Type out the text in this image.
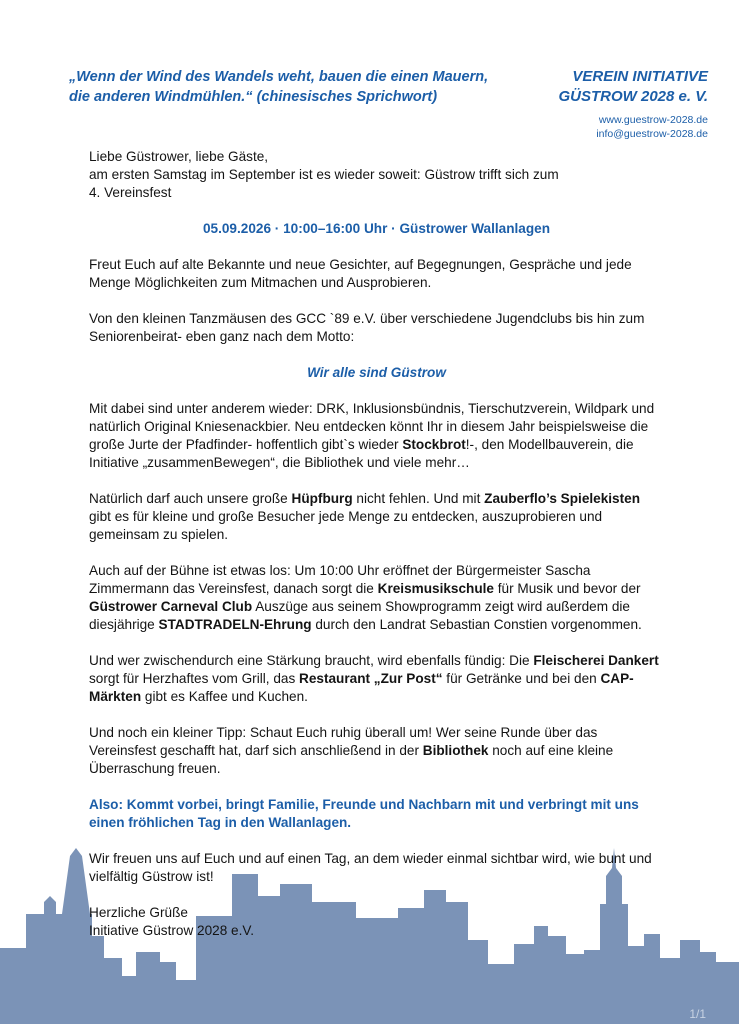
„Wenn der Wind des Wandels weht, bauen die einen Mauern,
die anderen Windmühlen.“ (chinesisches Sprichwort)
VEREIN INITIATIVE
GÜSTROW 2028 e. V.
www.guestrow-2028.de
info@guestrow-2028.de

Liebe Güstrower, liebe Gäste,
am ersten Samstag im September ist es wieder soweit: Güstrow trifft sich zum
4. Vereinsfest

05.09.2026 · 10:00–16:00 Uhr · Güstrower Wallanlagen

Freut Euch auf alte Bekannte und neue Gesichter, auf Begegnungen, Gespräche und jede Menge Möglichkeiten zum Mitmachen und Ausprobieren.

Von den kleinen Tanzmäusen des GCC `89 e.V. über verschiedene Jugendclubs bis hin zum Seniorenbeirat- eben ganz nach dem Motto:

Wir alle sind Güstrow

Mit dabei sind unter anderem wieder: DRK, Inklusionsbündnis, Tierschutzverein, Wildpark und natürlich Original Kniesenackbier. Neu entdecken könnt Ihr in diesem Jahr beispielsweise die große Jurte der Pfadfinder- hoffentlich gibt`s wieder Stockbrot!-, den Modellbauverein, die Initiative „zusammenBewegen“, die Bibliothek und viele mehr…

Natürlich darf auch unsere große Hüpfburg nicht fehlen. Und mit Zauberflo’s Spielekisten gibt es für kleine und große Besucher jede Menge zu entdecken, auszuprobieren und gemeinsam zu spielen.

Auch auf der Bühne ist etwas los: Um 10:00 Uhr eröffnet der Bürgermeister Sascha Zimmermann das Vereinsfest, danach sorgt die Kreismusikschule für Musik und bevor der Güstrower Carneval Club Auszüge aus seinem Showprogramm zeigt wird außerdem die diesjährige STADTRADELN-Ehrung durch den Landrat Sebastian Constien vorgenommen.

Und wer zwischendurch eine Stärkung braucht, wird ebenfalls fündig: Die Fleischerei Dankert sorgt für Herzhaftes vom Grill, das Restaurant „Zur Post“ für Getränke und bei den CAP-Märkten gibt es Kaffee und Kuchen.

Und noch ein kleiner Tipp: Schaut Euch ruhig überall um! Wer seine Runde über das Vereinsfest geschafft hat, darf sich anschließend in der Bibliothek noch auf eine kleine Überraschung freuen.

Also: Kommt vorbei, bringt Familie, Freunde und Nachbarn mit und verbringt mit uns einen fröhlichen Tag in den Wallanlagen.

Wir freuen uns auf Euch und auf einen Tag, an dem wieder einmal sichtbar wird, wie bunt und vielfältig Güstrow ist!

Herzliche Grüße
Initiative Güstrow 2028 e.V.

1/1
